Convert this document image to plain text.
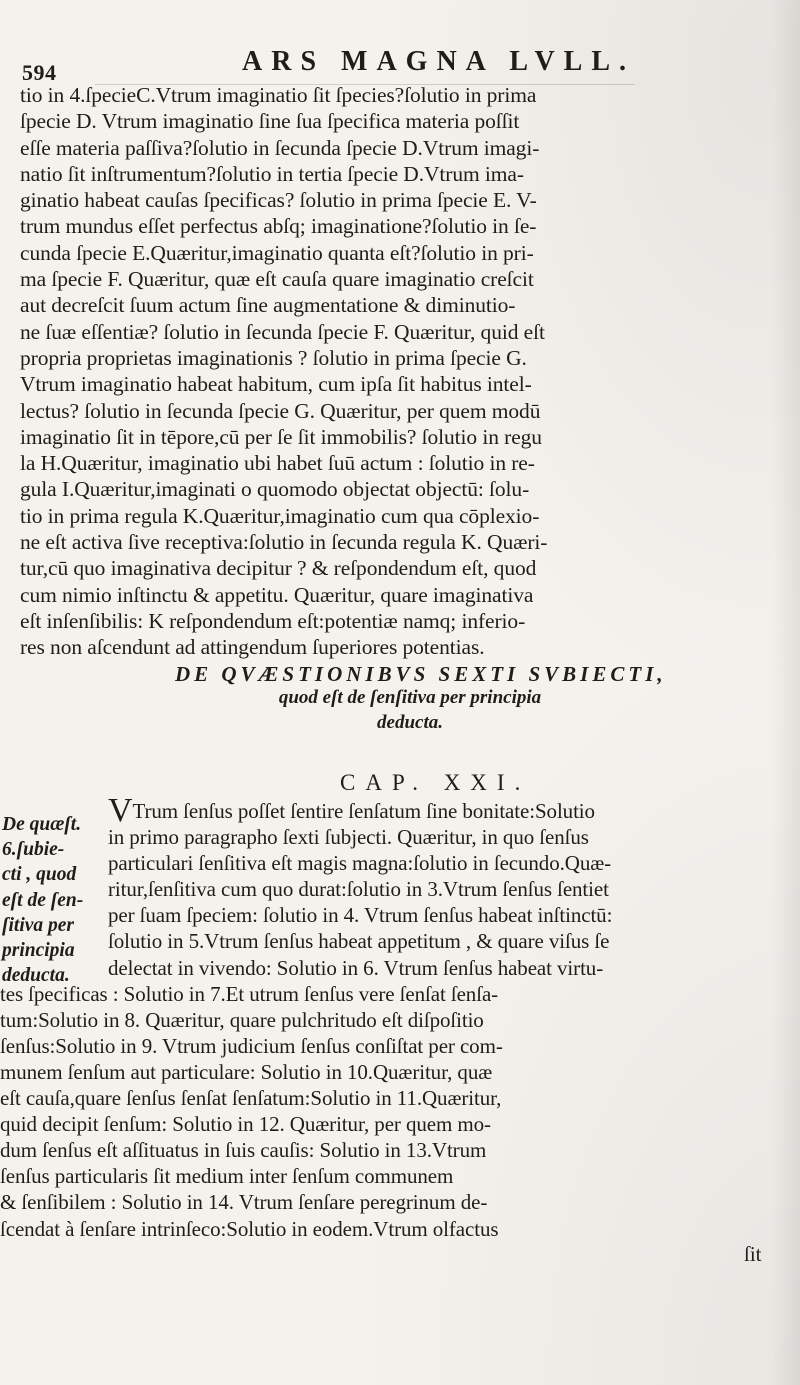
594	ARS MAGNA LVLL.
tio in 4.ſpecieC.Vtrum imaginatio ſit ſpecies?ſolutio in prima
ſpecie D. Vtrum imaginatio ſine ſua ſpecifica materia poſſit
eſſe materia paſſiva?ſolutio in ſecunda ſpecie D.Vtrum imagi-
natio ſit inſtrumentum?ſolutio in tertia ſpecie D.Vtrum ima-
ginatio habeat cauſas ſpecificas? ſolutio in prima ſpecie E. V-
trum mundus eſſet perfectus abſq; imaginatione?ſolutio in ſe-
cunda ſpecie E.Quæritur,imaginatio quanta eſt?ſolutio in pri-
ma ſpecie F. Quæritur, quæ eſt cauſa quare imaginatio creſcit
aut decreſcit ſuum actum ſine augmentatione & diminutio-
ne ſuæ eſſentiæ? ſolutio in ſecunda ſpecie F. Quæritur, quid eſt
propria proprietas imaginationis ? ſolutio in prima ſpecie G.
Vtrum imaginatio habeat habitum, cum ipſa ſit habitus intel-
lectus? ſolutio in ſecunda ſpecie G. Quæritur, per quem modū
imaginatio ſit in tēpore,cū per ſe ſit immobilis? ſolutio in regu
la H.Quæritur, imaginatio ubi habet ſuū actum : ſolutio in re-
gula I.Quæritur,imaginati o quomodo objectat objectū: ſolu-
tio in prima regula K.Quæritur,imaginatio cum qua cōplexio-
ne eſt activa ſive receptiva:ſolutio in ſecunda regula K. Quæri-
tur,cū quo imaginativa decipitur ? & reſpondendum eſt, quod
cum nimio inſtinctu & appetitu. Quæritur, quare imaginativa
eſt inſenſibilis: K reſpondendum eſt:potentiæ namq; inferio-
res non aſcendunt ad attingendum ſuperiores potentias.
DE QVÆSTIONIBVS SEXTI SVBIECTI,
quod eſt de ſenſitiva per principia
deducta.
CAP. XXI.
De quæſt.
6.ſubie-
cti , quod
eſt de ſen-
ſitiva per
principia
deducta.
VTrum ſenſus poſſet ſentire ſenſatum ſine bonitate:Solutio
in primo paragrapho ſexti ſubjecti. Quæritur, in quo ſenſus
particulari ſenſitiva eſt magis magna:ſolutio in ſecundo.Quæ-
ritur,ſenſitiva cum quo durat:ſolutio in 3.Vtrum ſenſus ſentiet
per ſuam ſpeciem: ſolutio in 4. Vtrum ſenſus habeat inſtinctū:
ſolutio in 5.Vtrum ſenſus habeat appetitum , & quare viſus ſe
delectat in vivendo: Solutio in 6. Vtrum ſenſus habeat virtu-
tes ſpecificas : Solutio in 7.Et utrum ſenſus vere ſenſat ſenſa-
tum:Solutio in 8. Quæritur, quare pulchritudo eſt diſpoſitio
ſenſus:Solutio in 9. Vtrum judicium ſenſus conſiſtat per com-
munem ſenſum aut particulare: Solutio in 10.Quæritur, quæ
eſt cauſa,quare ſenſus ſenſat ſenſatum:Solutio in 11.Quæritur,
quid decipit ſenſum: Solutio in 12. Quæritur, per quem mo-
dum ſenſus eſt aſſituatus in ſuis cauſis: Solutio in 13.Vtrum
ſenſus particularis ſit medium inter ſenſum communem
& ſenſibilem : Solutio in 14. Vtrum ſenſare peregrinum de-
ſcendat à ſenſare intrinſeco:Solutio in eodem.Vtrum olfactus
ſit
